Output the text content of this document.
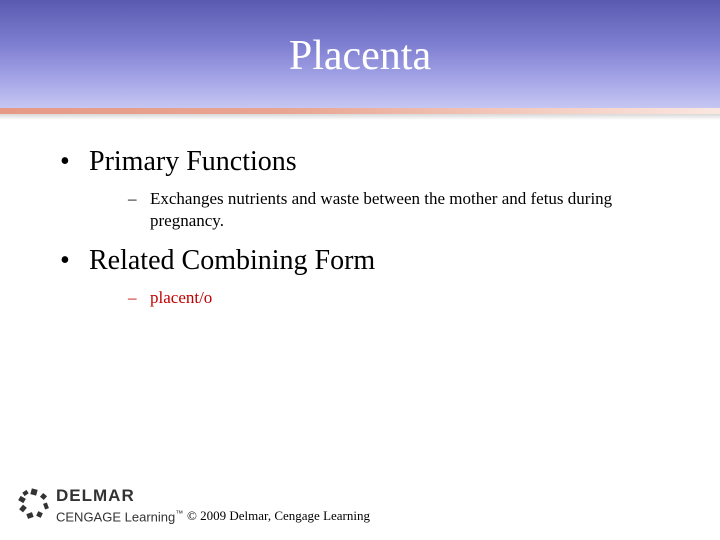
Placenta
• Primary Functions
– Exchanges nutrients and waste between the mother and fetus during pregnancy.
• Related Combining Form
– placent/o
DELMAR
CENGAGE Learning™ © 2009 Delmar, Cengage Learning
